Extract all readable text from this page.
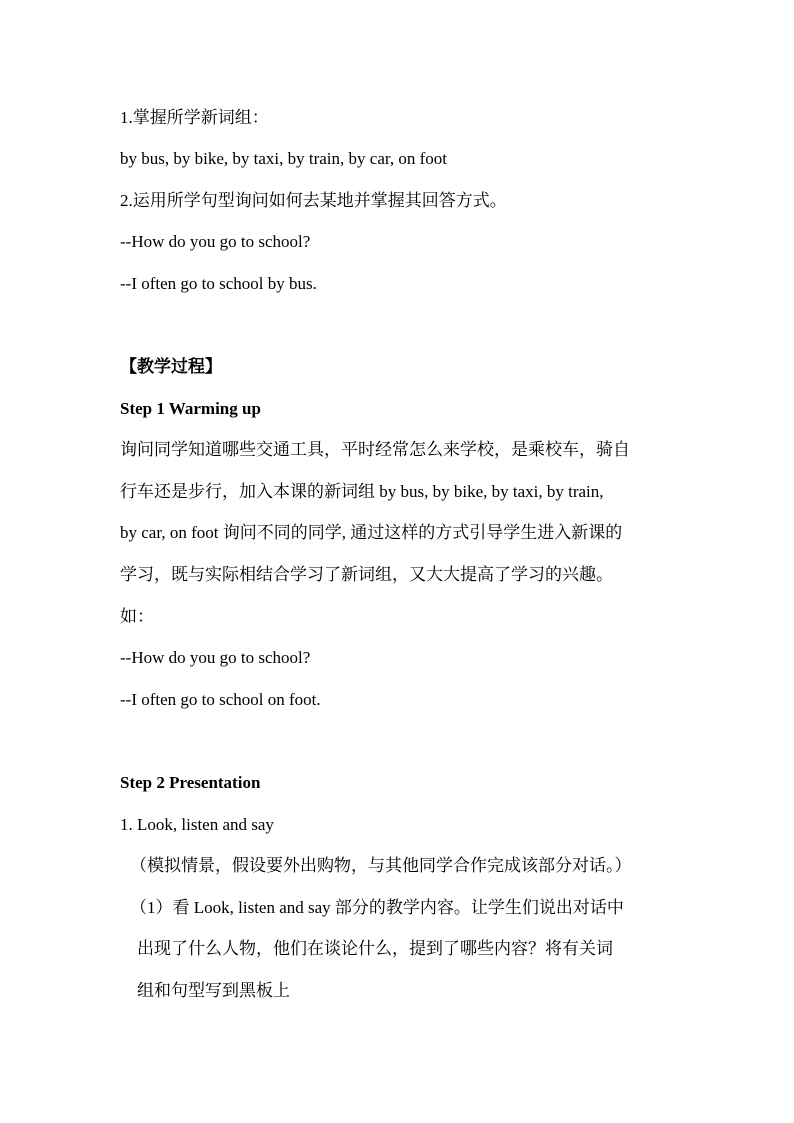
1.掌握所学新词组：
by bus, by bike, by taxi, by train, by car, on foot
2.运用所学句型询问如何去某地并掌握其回答方式。
--How do you go to school?
--I often go to school by bus.
【教学过程】
Step 1 Warming up
询问同学知道哪些交通工具，平时经常怎么来学校，是乘校车，骑自
行车还是步行，加入本课的新词组 by bus, by bike, by taxi, by train,
by car, on foot 询问不同的同学, 通过这样的方式引导学生进入新课的
学习，既与实际相结合学习了新词组，又大大提高了学习的兴趣。
如：
--How do you go to school?
--I often go to school on foot.
Step 2 Presentation
1. Look, listen and say
（模拟情景，假设要外出购物，与其他同学合作完成该部分对话。）
（1）看 Look, listen and say 部分的教学内容。让学生们说出对话中
出现了什么人物，他们在谈论什么，提到了哪些内容？将有关词
组和句型写到黑板上
